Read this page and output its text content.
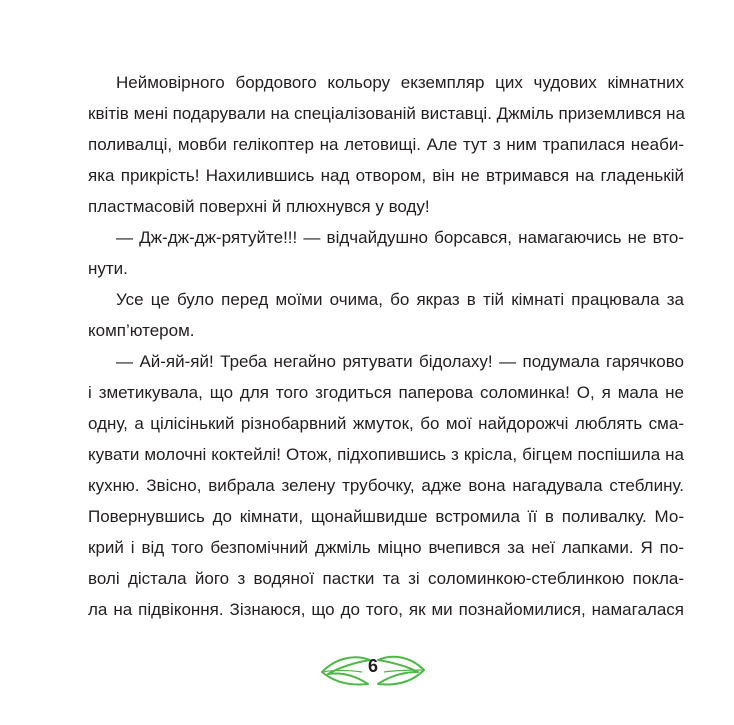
Неймовірного бордового кольору екземпляр цих чудових кімнатних
квітів мені подарували на спеціалізованій виставці. Джміль приземлився на
поливалці, мовби гелікоптер на летовищі. Але тут з ним трапилася неаби-
яка прикрість! Нахилившись над отвором, він не втримався на гладенькій
пластмасовій поверхні й плюхнувся у воду!
— Дж-дж-дж-рятуйте!!! — відчайдушно борсався, намагаючись не вто-
нути.
Усе це було перед моїми очима, бо якраз в тій кімнаті працювала за
комп’ютером.
— Ай-яй-яй! Треба негайно рятувати бідолаху! — подумала гарячково
і зметикувала, що для того згодиться паперова соломинка! О, я мала не
одну, а цілісінький різнобарвний жмуток, бо мої найдорожчі люблять сма-
кувати молочні коктейлі! Отож, підхопившись з крісла, бігцем поспішила на
кухню. Звісно, вибрала зелену трубочку, адже вона нагадувала стеблину.
Повернувшись до кімнати, щонайшвидше встромила її в поливалку. Мо-
крий і від того безпомічний джміль міцно вчепився за неї лапками. Я по-
волі дістала його з водяної пастки та зі соломинкою-стеблинкою покла-
ла на підвіконня. Зізнаюся, що до того, як ми познайомилися, намагалася
6
